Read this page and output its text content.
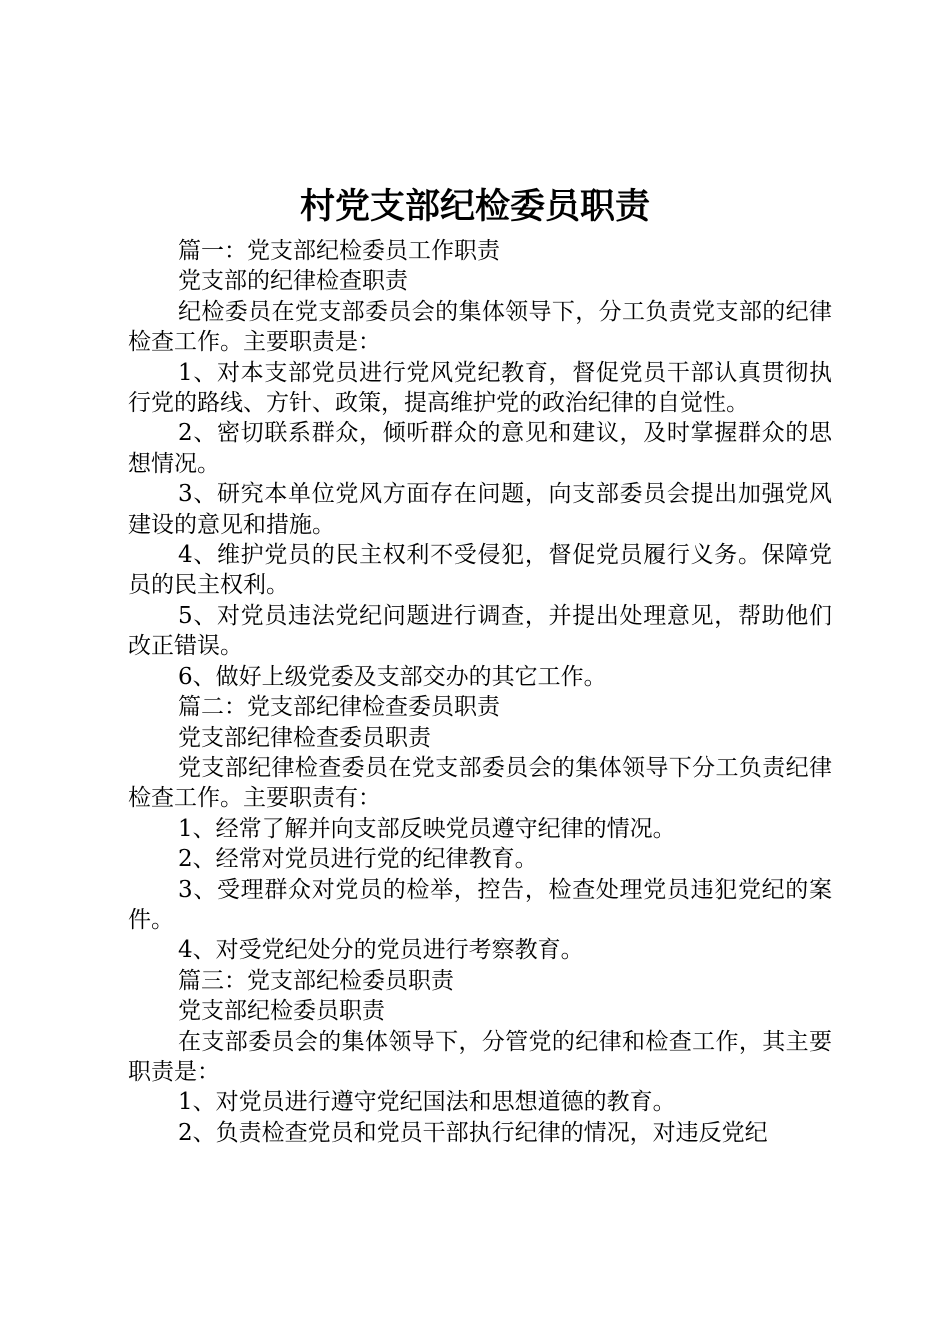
村党支部纪检委员职责

篇一：党支部纪检委员工作职责

党支部的纪律检查职责

纪检委员在党支部委员会的集体领导下，分工负责党支部的纪律检查工作。主要职责是：

1、对本支部党员进行党风党纪教育，督促党员干部认真贯彻执行党的路线、方针、政策，提高维护党的政治纪律的自觉性。

2、密切联系群众，倾听群众的意见和建议，及时掌握群众的思想情况。

3、研究本单位党风方面存在问题，向支部委员会提出加强党风建设的意见和措施。

4、维护党员的民主权利不受侵犯，督促党员履行义务。保障党员的民主权利。

5、对党员违法党纪问题进行调查，并提出处理意见，帮助他们改正错误。

6、做好上级党委及支部交办的其它工作。

篇二：党支部纪律检查委员职责

党支部纪律检查委员职责

党支部纪律检查委员在党支部委员会的集体领导下分工负责纪律检查工作。主要职责有：

1、经常了解并向支部反映党员遵守纪律的情况。

2、经常对党员进行党的纪律教育。

3、受理群众对党员的检举，控告，检查处理党员违犯党纪的案件。

4、对受党纪处分的党员进行考察教育。

篇三：党支部纪检委员职责

党支部纪检委员职责

在支部委员会的集体领导下，分管党的纪律和检查工作，其主要职责是：

1、对党员进行遵守党纪国法和思想道德的教育。

2、负责检查党员和党员干部执行纪律的情况，对违反党纪
